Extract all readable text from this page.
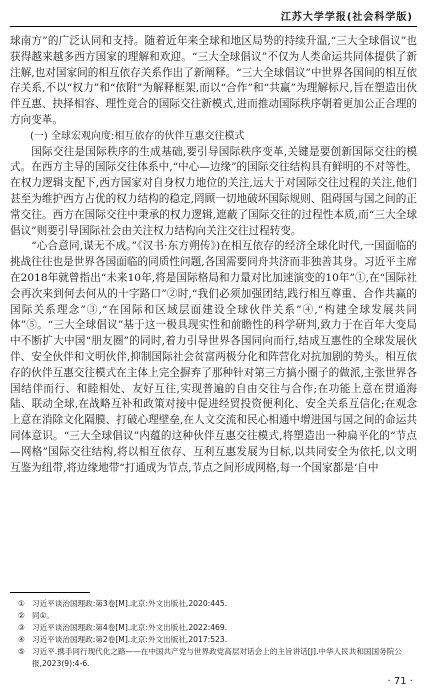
江苏大学学报(社会科学版)

球南方”的广泛认同和支持。随着近年来全球和地区局势的持续升温,“三大全球倡议”也获得越来越多西方国家的理解和欢迎。“三大全球倡议”不仅为人类命运共同体提供了新注解,也对国家间的相互依存关系作出了新阐释。“三大全球倡议”中世界各国间的相互依存关系,不以“权力”和“依附”为解释框架,而以“合作”和“共赢”为理解标尺,旨在塑造出伙伴互惠、抉择相容、理性竞合的国际交往新模式,进而推动国际秩序朝着更加公正合理的方向变革。

(一) 全球宏观向度:相互依存的伙伴互惠交往模式

国际交往是国际秩序的生成基础,要引导国际秩序变革,关键是要创新国际交往的模式。在西方主导的国际交往体系中,“中心—边缘”的国际交往结构具有鲜明的不对等性。在权力逻辑支配下,西方国家对自身权力地位的关注,远大于对国际交往过程的关注,他们甚至为维护西方占优的权力结构的稳定,罔顾一切地破坏国际规则、阻碍国与国之间的正常交往。西方在国际交往中秉承的权力逻辑,遮蔽了国际交往的过程性本质,而“三大全球倡议”则要引导国际社会由关注权力结构向关注交往过程转变。

“心合意同,谋无不成。”《汉书·东方朔传》)在相互依存的经济全球化时代,一国面临的挑战往往也是世界各国面临的同质性问题,各国需要同舟共济而非独善其身。习近平主席在2018年就曾指出“未来10年,将是国际格局和力量对比加速演变的10年”①,在“国际社会再次来到何去何从的十字路口”②时,“我们必须加强团结,践行相互尊重、合作共赢的国际关系理念”③,“在国际和区域层面建设全球伙伴关系”④,“构建全球发展共同体”⑤。“三大全球倡议”基于这一极具现实性和前瞻性的科学研判,致力于在百年大变局中不断扩大中国“朋友圈”的同时,着力引导世界各国同向而行,结成互惠性的全球发展伙伴、安全伙伴和文明伙伴,抑制国际社会贫富两极分化和阵营化对抗加剧的势头。相互依存的伙伴互惠交往模式在主体上完全摒弃了那种针对第三方搞小圈子的做派,主张世界各国结伴而行、和睦相处、友好互往,实现普遍的自由交往与合作;在功能上意在贯通海陆、联动全球,在战略互补和政策对接中促进经贸投资便利化、安全关系互信化;在观念上意在消除文化隔膜、打破心理壁垒,在人文交流和民心相通中增进国与国之间的命运共同体意识。“三大全球倡议”内蕴的这种伙伴互惠交往模式,将塑造出一种扁平化的“节点—网格”国际交往结构,将以相互依存、互利互惠发展为目标,以共同安全为依托,以文明互鉴为纽带,将边缘地带“打通成为节点,节点之间形成网格,每一个国家都是‘自中

① 习近平谈治国理政:第3卷[M].北京:外文出版社,2020:445.

② 同①。

③ 习近平谈治国理政:第4卷[M].北京:外文出版社,2022:469.

④ 习近平谈治国理政:第2卷[M].北京:外文出版社,2017:523.

⑤ 习近平.携手同行现代化之路——在中国共产党与世界政党高层对话会上的主旨讲话[J].中华人民共和国国务院公报,2023(9):4-6.

· 71 ·
